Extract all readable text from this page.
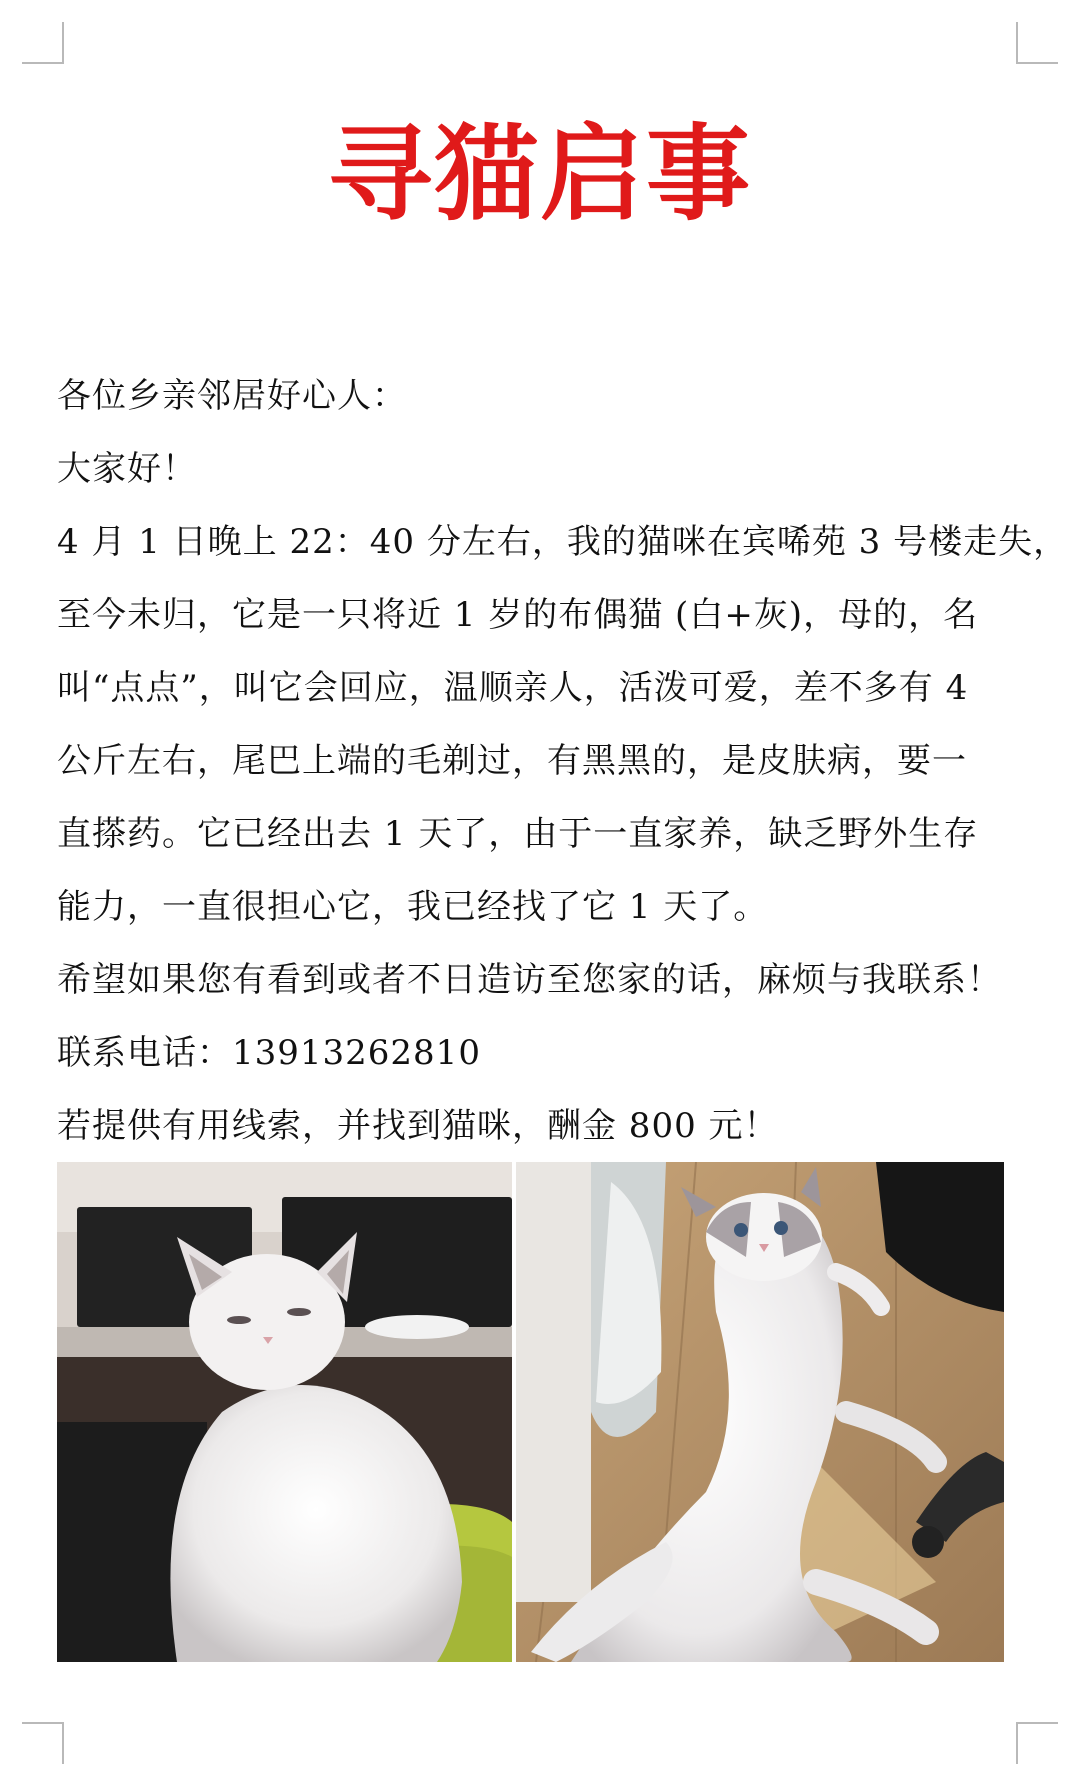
寻猫启事
各位乡亲邻居好心人：
大家好！
4 月 1 日晚上 22：40 分左右，我的猫咪在宾唏苑 3 号楼走失，
至今未归，它是一只将近 1 岁的布偶猫 (白+灰)，母的，名
叫“点点”，叫它会回应，温顺亲人，活泼可爱，差不多有 4
公斤左右，尾巴上端的毛剃过，有黑黑的，是皮肤病，要一
直搽药。它已经出去 1 天了，由于一直家养，缺乏野外生存
能力，一直很担心它，我已经找了它 1 天了。
希望如果您有看到或者不日造访至您家的话，麻烦与我联系！
联系电话：13913262810
若提供有用线索，并找到猫咪，酬金 800 元！
